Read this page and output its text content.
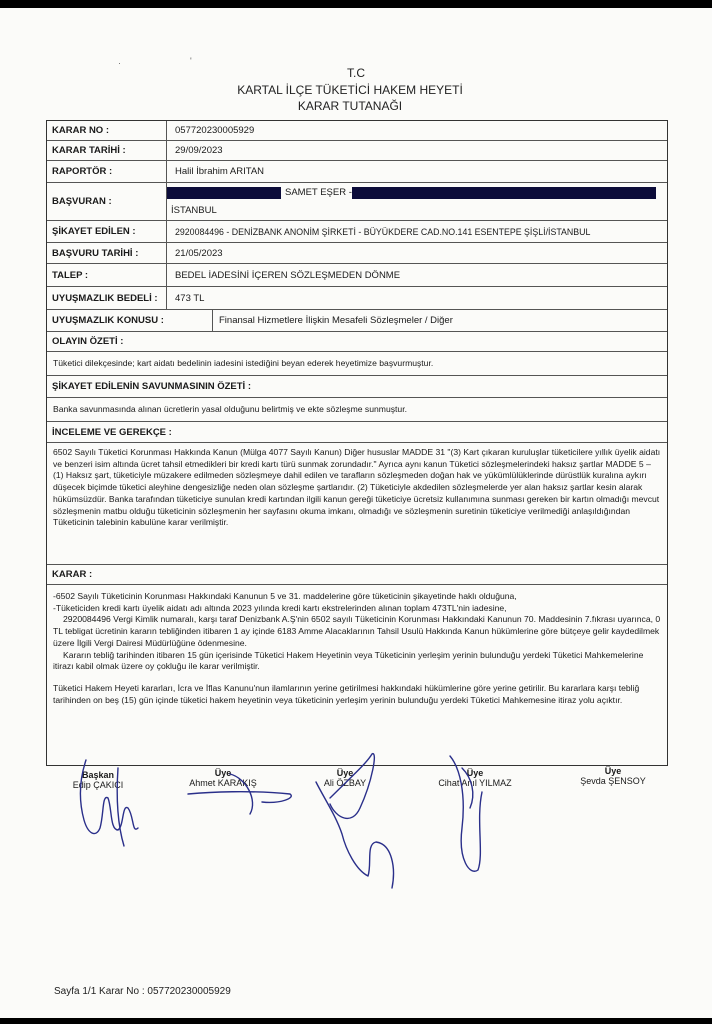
·	'
T.C
KARTAL İLÇE TÜKETİCİ HAKEM HEYETİ
KARAR TUTANAĞI
KARAR NO :	057720230005929
KARAR TARİHİ :	29/09/2023
RAPORTÖR :	Halil İbrahim ARITAN
BAŞVURAN :
SAMET EŞER -
İSTANBUL
ŞİKAYET EDİLEN :	2920084496 - DENİZBANK ANONİM ŞİRKETİ - BÜYÜKDERE CAD.NO.141 ESENTEPE ŞİŞLİ/İSTANBUL
BAŞVURU TARİHİ :	21/05/2023
TALEP :	BEDEL İADESİNİ İÇEREN SÖZLEŞMEDEN DÖNME
UYUŞMAZLIK BEDELİ :	473 TL
UYUŞMAZLIK KONUSU :	Finansal Hizmetlere İlişkin Mesafeli Sözleşmeler / Diğer
OLAYIN ÖZETİ :
Tüketici dilekçesinde; kart aidatı bedelinin iadesini istediğini beyan ederek heyetimize başvurmuştur.
ŞİKAYET EDİLENİN SAVUNMASININ ÖZETİ :
Banka savunmasında alınan ücretlerin yasal olduğunu belirtmiş ve ekte sözleşme sunmuştur.
İNCELEME VE GEREKÇE :
6502 Sayılı Tüketici Korunması Hakkında Kanun (Mülga 4077 Sayılı Kanun) Diğer hususlar MADDE 31 "(3) Kart çıkaran kuruluşlar tüketicilere yıllık üyelik aidatı ve benzeri isim altında ücret tahsil etmedikleri bir kredi kartı türü sunmak zorundadır." Ayrıca aynı kanun Tüketici sözleşmelerindeki haksız şartlar MADDE 5 – (1) Haksız şart, tüketiciyle müzakere edilmeden sözleşmeye dahil edilen ve tarafların sözleşmeden doğan hak ve yükümlülüklerinde dürüstlük kuralına aykırı düşecek biçimde tüketici aleyhine dengesizliğe neden olan sözleşme şartlarıdır. (2) Tüketiciyle akdedilen sözleşmelerde yer alan haksız şartlar kesin alarak hükümsüzdür. Banka tarafından tüketiciye sunulan kredi kartından ilgili kanun gereği tüketiciye ücretsiz kullanımına sunması gereken bir kartın olmadığı mevcut sözleşmenin matbu olduğu tüketicinin sözleşmenin her sayfasını okuma imkanı, olmadığı ve sözleşmenin suretinin tüketiciye verilmediği anlaşıldığından Tüketicinin talebinin kabulüne karar verilmiştir.
KARAR :

-6502 Sayılı Tüketicinin Korunması Hakkındaki Kanunun 5 ve 31. maddelerine göre tüketicinin şikayetinde haklı olduğuna,

-Tüketiciden kredi kartı üyelik aidatı adı altında 2023 yılında kredi kartı ekstrelerinden alınan toplam 473TL'nin iadesine,

2920084496 Vergi Kimlik numaralı, karşı taraf Denizbank A.Ş'nin 6502 sayılı Tüketicinin Korunması Hakkındaki Kanunun 70. Maddesinin 7.fıkrası uyarınca, 0 TL tebligat ücretinin kararın tebliğinden itibaren 1 ay içinde 6183 Amme Alacaklarının Tahsil Usulü Hakkında Kanun hükümlerine göre bütçeye gelir kaydedilmek üzere İlgili Vergi Dairesi Müdürlüğüne ödenmesine.

Kararın tebliğ tarihinden itibaren 15 gün içerisinde Tüketici Hakem Heyetinin veya Tüketicinin yerleşim yerinin bulunduğu yerdeki Tüketici Mahkemelerine itirazı kabil olmak üzere oy çokluğu ile karar verilmiştir.

Tüketici Hakem Heyeti kararları, İcra ve İflas Kanunu'nun ilamlarının yerine getirilmesi hakkındaki hükümlerine göre yerine getirilir. Bu kararlara karşı tebliğ tarihinden on beş (15) gün içinde tüketici hakem heyetinin veya tüketicinin yerleşim yerinin bulunduğu yerdeki Tüketici Mahkemesine itiraz yolu açıktır.

Başkan
Edip ÇAKICI
Üye
Ahmet KARAKIŞ
Üye
Ali ÖZBAY
Üye
Cihat Anıl YILMAZ
Üye
Şevda ŞENSOY
Sayfa 1/1 Karar No : 057720230005929
